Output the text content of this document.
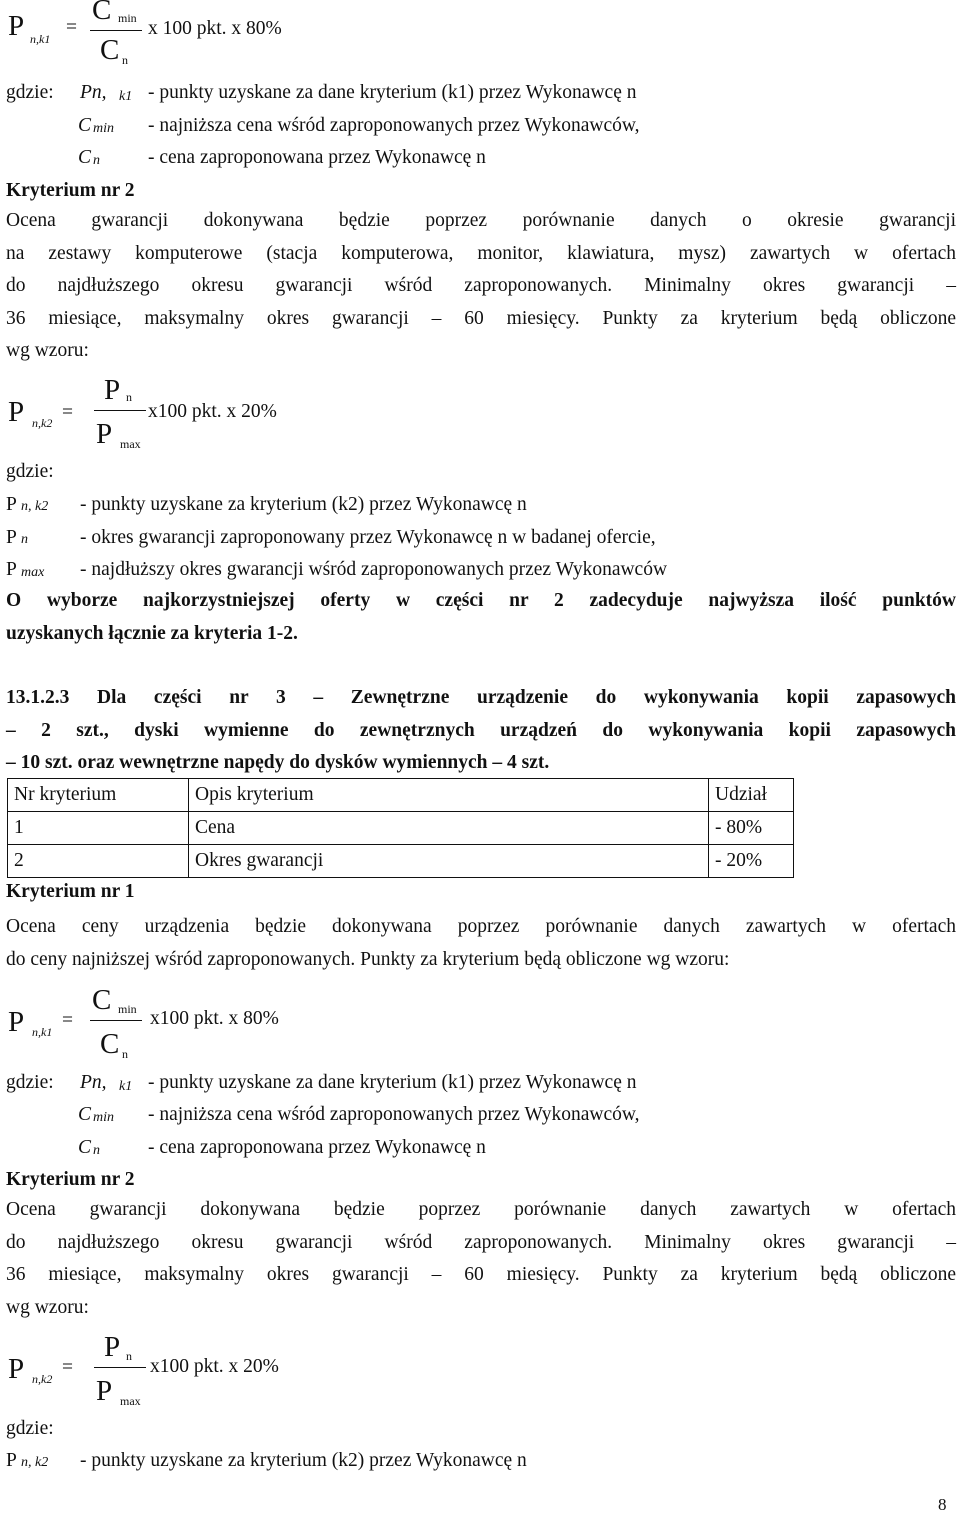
P n,k1
=
C min
C n
x 100 pkt. x 80%
gdzie: Pn, k1 - punkty uzyskane za dane kryterium (k1) przez Wykonawcę n
C min - najniższa cena wśród zaproponowanych przez Wykonawców,
C n - cena zaproponowana przez Wykonawcę n
Kryterium nr 2
Ocena gwarancji dokonywana będzie poprzez porównanie danych o okresie gwarancji
na zestawy komputerowe (stacja komputerowa, monitor, klawiatura, mysz) zawartych w ofertach
do najdłuższego okresu gwarancji wśród zaproponowanych. Minimalny okres gwarancji –
36 miesiące, maksymalny okres gwarancji – 60 miesięcy. Punkty za kryterium będą obliczone
wg wzoru:
P n,k2 =
P n
P max
x100 pkt. x 20%
gdzie:
P n, k2 - punkty uzyskane za kryterium (k2) przez Wykonawcę n
P n	- okres gwarancji zaproponowany przez Wykonawcę n w badanej ofercie,
P max - najdłuższy okres gwarancji wśród zaproponowanych przez Wykonawców
O wyborze najkorzystniejszej oferty w części nr 2 zadecyduje najwyższa ilość punktów
uzyskanych łącznie za kryteria 1-2.
13.1.2.3 Dla części nr 3 – Zewnętrzne urządzenie do wykonywania kopii zapasowych
– 2 szt., dyski wymienne do zewnętrznych urządzeń do wykonywania kopii zapasowych
– 10 szt. oraz wewnętrzne napędy do dysków wymiennych – 4 szt.
Nr kryterium	Opis kryterium	Udział
1	Cena	- 80%
2	Okres gwarancji	- 20%
Kryterium nr 1
Ocena ceny urządzenia będzie dokonywana poprzez porównanie danych zawartych w ofertach
do ceny najniższej wśród zaproponowanych. Punkty za kryterium będą obliczone wg wzoru:
P n,k1
=
C min
C n
x100 pkt. x 80%
gdzie: Pn, k1 - punkty uzyskane za dane kryterium (k1) przez Wykonawcę n
C min - najniższa cena wśród zaproponowanych przez Wykonawców,
C n - cena zaproponowana przez Wykonawcę n
Kryterium nr 2
Ocena gwarancji dokonywana będzie poprzez porównanie danych zawartych w ofertach
do najdłuższego okresu gwarancji wśród zaproponowanych. Minimalny okres gwarancji –
36 miesiące, maksymalny okres gwarancji – 60 miesięcy. Punkty za kryterium będą obliczone
wg wzoru:
P n,k2
=
P n
P max
x100 pkt. x 20%
gdzie:
P n, k2 - punkty uzyskane za kryterium (k2) przez Wykonawcę n
8
